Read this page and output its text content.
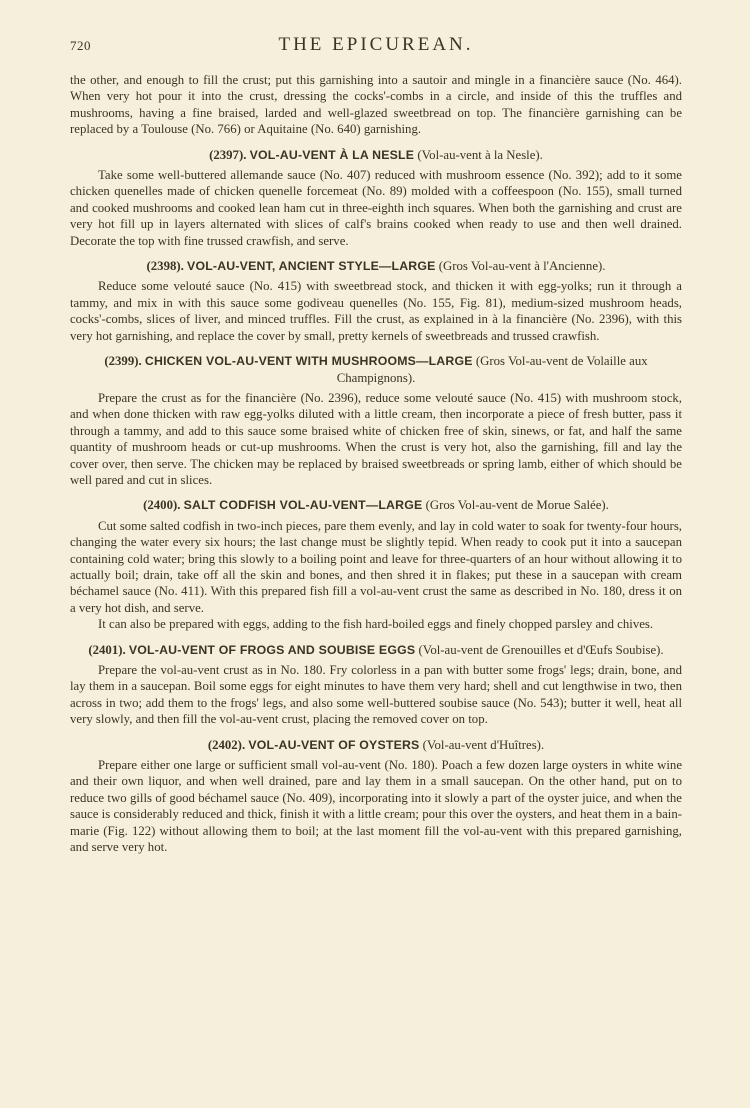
720	THE EPICUREAN.

the other, and enough to fill the crust; put this garnishing into a sautoir and mingle in a financière sauce (No. 464). When very hot pour it into the crust, dressing the cocks'-combs in a circle, and inside of this the truffles and mushrooms, having a fine braised, larded and well-glazed sweetbread on top. The financière garnishing can be replaced by a Toulouse (No. 766) or Aquitaine (No. 640) garnishing.

(2397). VOL-AU-VENT À LA NESLE (Vol-au-vent à la Nesle).

Take some well-buttered allemande sauce (No. 407) reduced with mushroom essence (No. 392); add to it some chicken quenelles made of chicken quenelle forcemeat (No. 89) molded with a coffeespoon (No. 155), small turned and cooked mushrooms and cooked lean ham cut in three-eighth inch squares. When both the garnishing and crust are very hot fill up in layers alternated with slices of calf's brains cooked when ready to use and then well drained. Decorate the top with fine trussed crawfish, and serve.

(2398). VOL-AU-VENT, ANCIENT STYLE—LARGE (Gros Vol-au-vent à l'Ancienne).

Reduce some velouté sauce (No. 415) with sweetbread stock, and thicken it with egg-yolks; run it through a tammy, and mix in with this sauce some godiveau quenelles (No. 155, Fig. 81), medium-sized mushroom heads, cocks'-combs, slices of liver, and minced truffles. Fill the crust, as explained in à la financière (No. 2396), with this very hot garnishing, and replace the cover by small, pretty kernels of sweetbreads and trussed crawfish.

(2399). CHICKEN VOL-AU-VENT WITH MUSHROOMS—LARGE (Gros Vol-au-vent de Volaille aux Champignons).

Prepare the crust as for the financière (No. 2396), reduce some velouté sauce (No. 415) with mushroom stock, and when done thicken with raw egg-yolks diluted with a little cream, then incorporate a piece of fresh butter, pass it through a tammy, and add to this sauce some braised white of chicken free of skin, sinews, or fat, and half the same quantity of mushroom heads or cut-up mushrooms. When the crust is very hot, also the garnishing, fill and lay the cover over, then serve. The chicken may be replaced by braised sweetbreads or spring lamb, either of which should be well pared and cut in slices.

(2400). SALT CODFISH VOL-AU-VENT—LARGE (Gros Vol-au-vent de Morue Salée).

Cut some salted codfish in two-inch pieces, pare them evenly, and lay in cold water to soak for twenty-four hours, changing the water every six hours; the last change must be slightly tepid. When ready to cook put it into a saucepan containing cold water; bring this slowly to a boiling point and leave for three-quarters of an hour without allowing it to actually boil; drain, take off all the skin and bones, and then shred it in flakes; put these in a saucepan with cream béchamel sauce (No. 411). With this prepared fish fill a vol-au-vent crust the same as described in No. 180, dress it on a very hot dish, and serve.

It can also be prepared with eggs, adding to the fish hard-boiled eggs and finely chopped parsley and chives.

(2401). VOL-AU-VENT OF FROGS AND SOUBISE EGGS (Vol-au-vent de Grenouilles et d'Œufs Soubise).

Prepare the vol-au-vent crust as in No. 180. Fry colorless in a pan with butter some frogs' legs; drain, bone, and lay them in a saucepan. Boil some eggs for eight minutes to have them very hard; shell and cut lengthwise in two, then across in two; add them to the frogs' legs, and also some well-buttered soubise sauce (No. 543); butter it well, heat all very slowly, and then fill the vol-au-vent crust, placing the removed cover on top.

(2402). VOL-AU-VENT OF OYSTERS (Vol-au-vent d'Huîtres).

Prepare either one large or sufficient small vol-au-vent (No. 180). Poach a few dozen large oysters in white wine and their own liquor, and when well drained, pare and lay them in a small saucepan. On the other hand, put on to reduce two gills of good béchamel sauce (No. 409), incorporating into it slowly a part of the oyster juice, and when the sauce is considerably reduced and thick, finish it with a little cream; pour this over the oysters, and heat them in a bain-marie (Fig. 122) without allowing them to boil; at the last moment fill the vol-au-vent with this prepared garnishing, and serve very hot.
